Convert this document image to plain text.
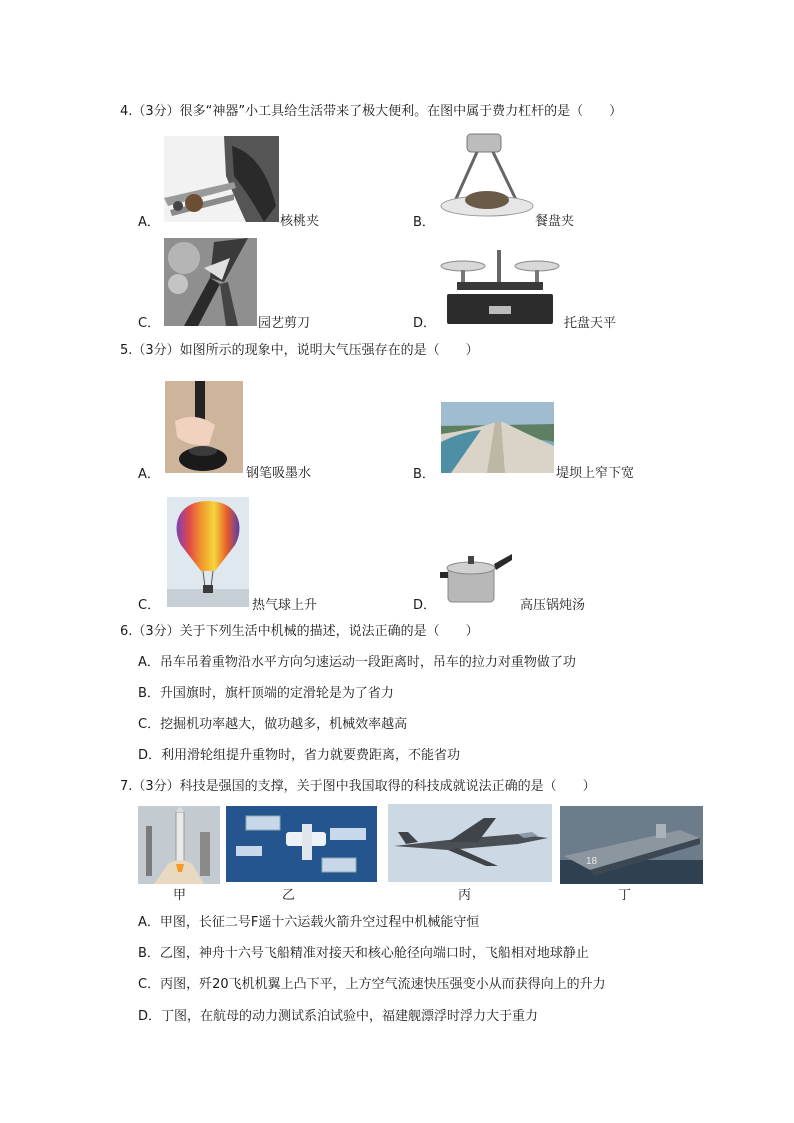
4.（3分）很多“神器”小工具给生活带来了极大便利。在图中属于费力杠杆的是（　　）
A．	核桃夹	B．	餐盘夹
C．	园艺剪刀	D．	托盘天平
5.（3分）如图所示的现象中，说明大气压强存在的是（　　）
A．	钢笔吸墨水	B．	堤坝上窄下宽
C．	热气球上升	D．	高压锅炖汤
6.（3分）关于下列生活中机械的描述，说法正确的是（　　）
A．吊车吊着重物沿水平方向匀速运动一段距离时，吊车的拉力对重物做了功
B．升国旗时，旗杆顶端的定滑轮是为了省力
C．挖掘机功率越大，做功越多，机械效率越高
D．利用滑轮组提升重物时，省力就要费距离，不能省功
7.（3分）科技是强国的支撑，关于图中我国取得的科技成就说法正确的是（　　）
18
甲	乙	丙	丁
A．甲图，长征二号F遥十六运载火箭升空过程中机械能守恒
B．乙图，神舟十六号飞船精准对接天和核心舱径向端口时，飞船相对地球静止
C．丙图，歼20飞机机翼上凸下平，上方空气流速快压强变小从而获得向上的升力
D．丁图，在航母的动力测试系泊试验中，福建舰漂浮时浮力大于重力
